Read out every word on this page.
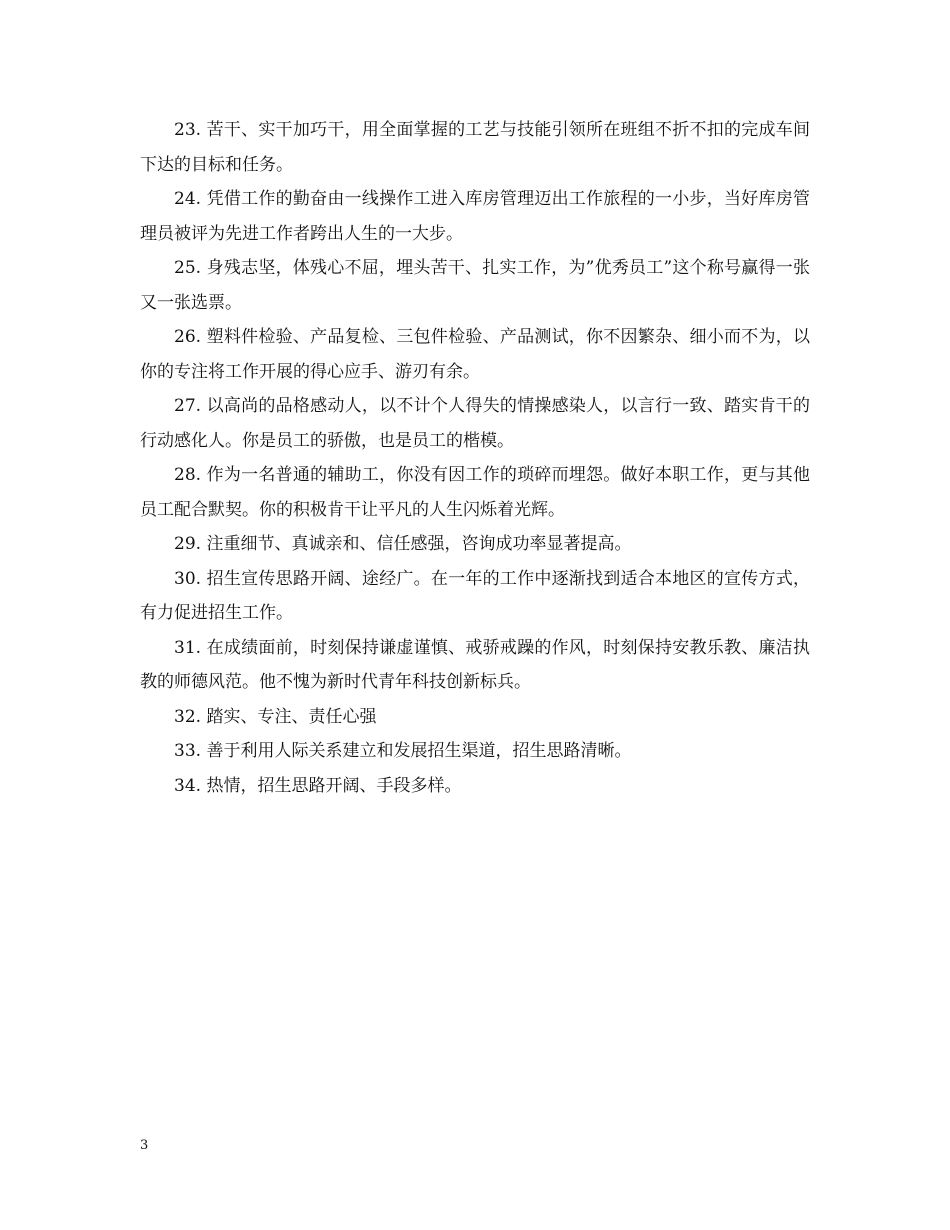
23. 苦干、实干加巧干，用全面掌握的工艺与技能引领所在班组不折不扣的完成车间下达的目标和任务。

24. 凭借工作的勤奋由一线操作工进入库房管理迈出工作旅程的一小步，当好库房管理员被评为先进工作者跨出人生的一大步。

25. 身残志坚，体残心不屈，埋头苦干、扎实工作，为”优秀员工”这个称号赢得一张又一张选票。

26. 塑料件检验、产品复检、三包件检验、产品测试，你不因繁杂、细小而不为，以你的专注将工作开展的得心应手、游刃有余。

27. 以高尚的品格感动人，以不计个人得失的情操感染人，以言行一致、踏实肯干的行动感化人。你是员工的骄傲，也是员工的楷模。

28. 作为一名普通的辅助工，你没有因工作的琐碎而埋怨。做好本职工作，更与其他员工配合默契。你的积极肯干让平凡的人生闪烁着光辉。

29. 注重细节、真诚亲和、信任感强，咨询成功率显著提高。

30. 招生宣传思路开阔、途经广。在一年的工作中逐渐找到适合本地区的宣传方式，有力促进招生工作。

31. 在成绩面前，时刻保持谦虚谨慎、戒骄戒躁的作风，时刻保持安教乐教、廉洁执教的师德风范。他不愧为新时代青年科技创新标兵。

32. 踏实、专注、责任心强

33. 善于利用人际关系建立和发展招生渠道，招生思路清晰。

34. 热情，招生思路开阔、手段多样。

3
